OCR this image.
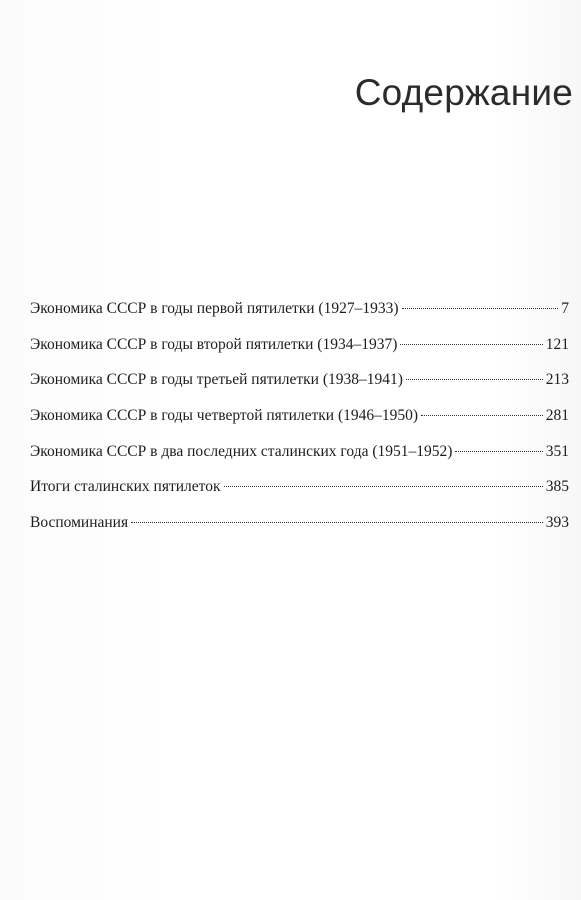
Содержание
Экономика СССР в годы первой пятилетки (1927–1933)	7
Экономика СССР в годы второй пятилетки (1934–1937)	121
Экономика СССР в годы третьей пятилетки (1938–1941)	213
Экономика СССР в годы четвертой пятилетки (1946–1950)	281
Экономика СССР в два последних сталинских года (1951–1952)	351
Итоги сталинских пятилеток	385
Воспоминания	393
